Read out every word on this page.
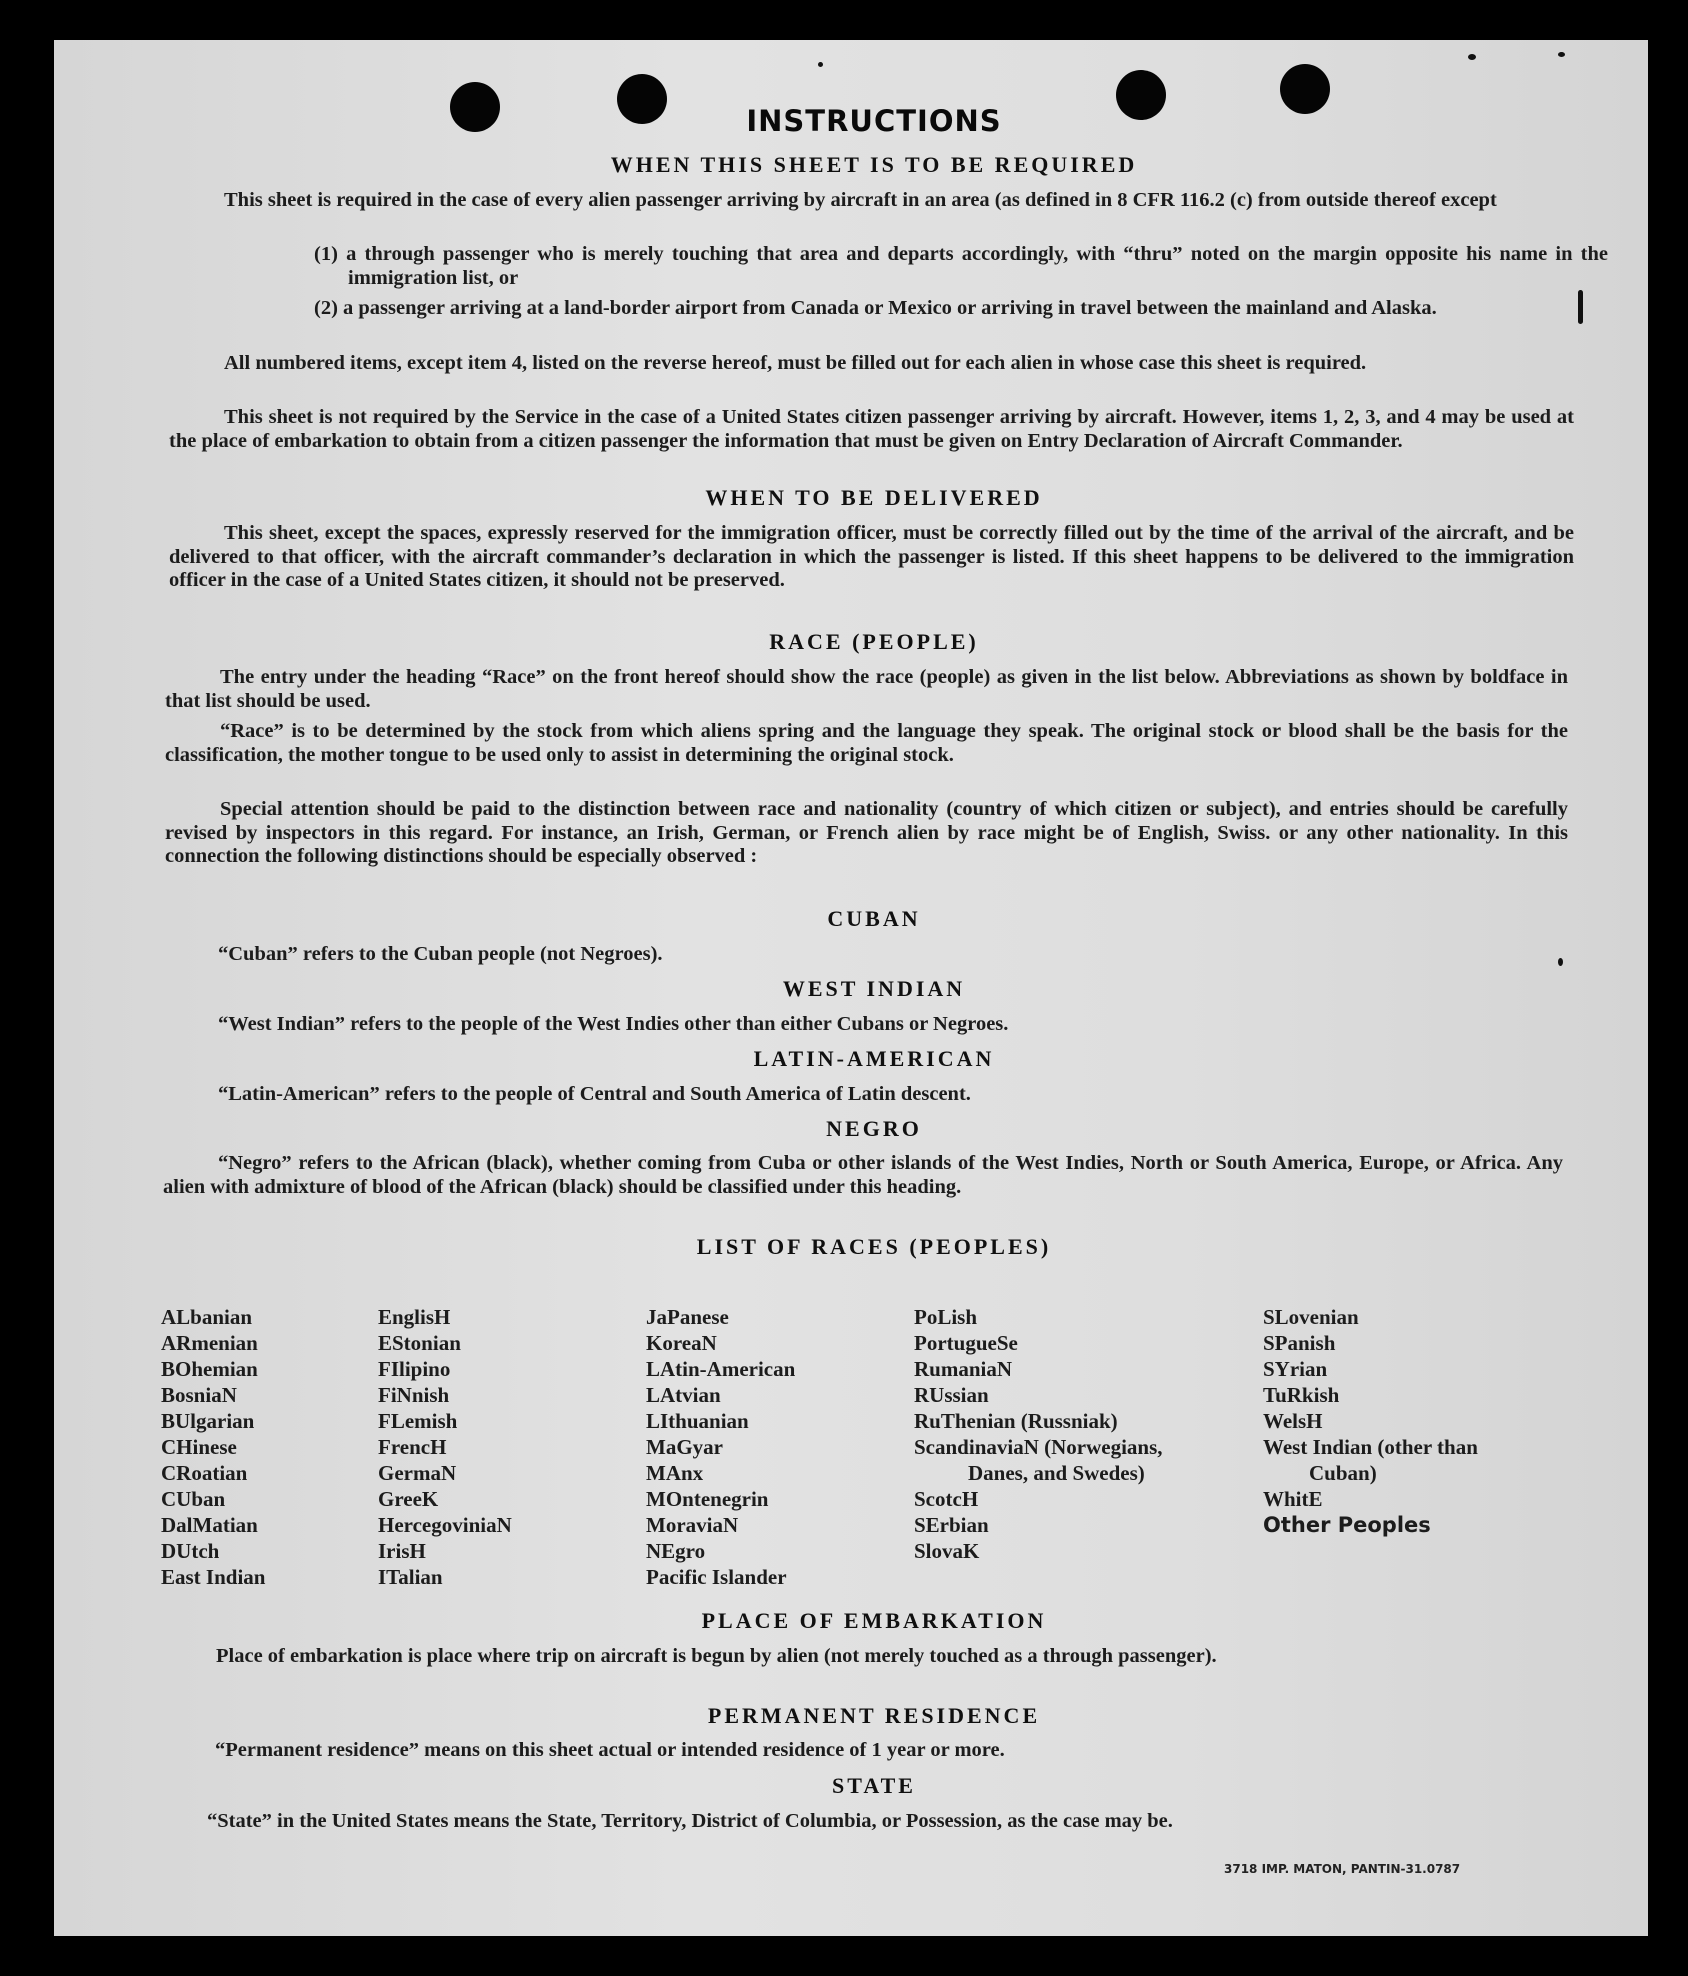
INSTRUCTIONS
WHEN THIS SHEET IS TO BE REQUIRED
This sheet is required in the case of every alien passenger arriving by aircraft in an area (as defined in 8 CFR 116.2 (c) from outside thereof except
(1) a through passenger who is merely touching that area and departs accordingly, with “thru” noted on the margin opposite his name in the immigration list, or
(2) a passenger arriving at a land-border airport from Canada or Mexico or arriving in travel between the mainland and Alaska.
All numbered items, except item 4, listed on the reverse hereof, must be filled out for each alien in whose case this sheet is required.
This sheet is not required by the Service in the case of a United States citizen passenger arriving by aircraft. However, items 1, 2, 3, and 4 may be used at the place of embarkation to obtain from a citizen passenger the information that must be given on Entry Declaration of Aircraft Commander.
WHEN TO BE DELIVERED
This sheet, except the spaces, expressly reserved for the immigration officer, must be correctly filled out by the time of the arrival of the aircraft, and be delivered to that officer, with the aircraft commander’s declaration in which the passenger is listed. If this sheet happens to be delivered to the immigration officer in the case of a United States citizen, it should not be preserved.
RACE (PEOPLE)
The entry under the heading “Race” on the front hereof should show the race (people) as given in the list below. Abbreviations as shown by boldface in that list should be used.
“Race” is to be determined by the stock from which aliens spring and the language they speak. The original stock or blood shall be the basis for the classification, the mother tongue to be used only to assist in determining the original stock.
Special attention should be paid to the distinction between race and nationality (country of which citizen or subject), and entries should be carefully revised by inspectors in this regard. For instance, an Irish, German, or French alien by race might be of English, Swiss. or any other nationality. In this connection the following distinctions should be especially observed :
CUBAN
“Cuban” refers to the Cuban people (not Negroes).
WEST INDIAN
“West Indian” refers to the people of the West Indies other than either Cubans or Negroes.
LATIN-AMERICAN
“Latin-American” refers to the people of Central and South America of Latin descent.
NEGRO
“Negro” refers to the African (black), whether coming from Cuba or other islands of the West Indies, North or South America, Europe, or Africa. Any alien with admixture of blood of the African (black) should be classified under this heading.
LIST OF RACES (PEOPLES)
ALbanian
ARmenian
BOhemian
BosniaN
BUlgarian
CHinese
CRoatian
CUban
DalMatian
DUtch
East Indian
EnglisH
EStonian
FIlipino
FiNnish
FLemish
FrencH
GermaN
GreeK
HercegoviniaN
IrisH
ITalian
JaPanese
KoreaN
LAtin-American
LAtvian
LIthuanian
MaGyar
MAnx
MOntenegrin
MoraviaN
NEgro
Pacific Islander
PoLish
PortugueSe
RumaniaN
RUssian
RuThenian (Russniak)
ScandinaviaN (Norwegians, Danes, and Swedes)
ScotcH
SErbian
SlovaK
SLovenian
SPanish
SYrian
TuRkish
WelsH
West Indian (other than Cuban)
WhitE
Other Peoples
PLACE OF EMBARKATION
Place of embarkation is place where trip on aircraft is begun by alien (not merely touched as a through passenger).
PERMANENT RESIDENCE
“Permanent residence” means on this sheet actual or intended residence of 1 year or more.
STATE
“State” in the United States means the State, Territory, District of Columbia, or Possession, as the case may be.
3718 IMP. MATON, PANTIN-31.0787
